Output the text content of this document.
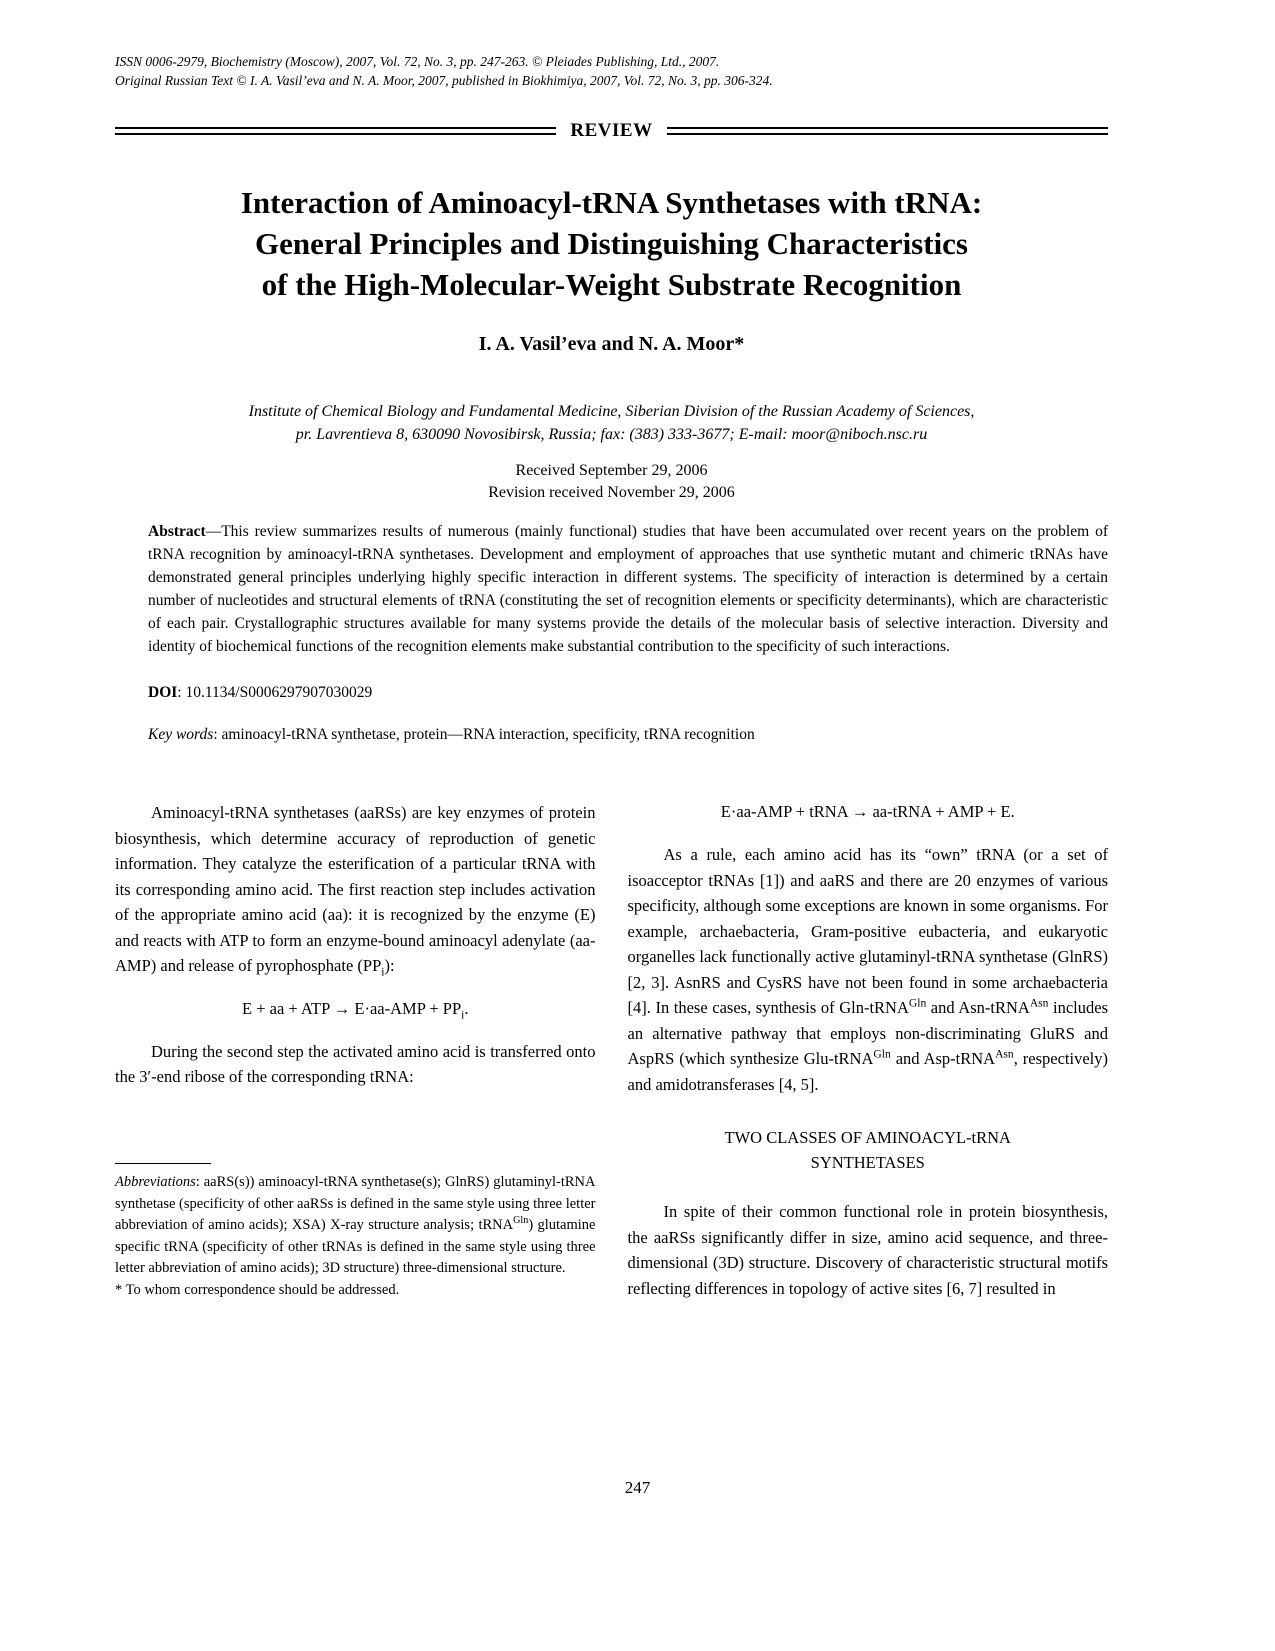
ISSN 0006-2979, Biochemistry (Moscow), 2007, Vol. 72, No. 3, pp. 247-263. © Pleiades Publishing, Ltd., 2007.
Original Russian Text © I. A. Vasil’eva and N. A. Moor, 2007, published in Biokhimiya, 2007, Vol. 72, No. 3, pp. 306-324.
REVIEW
Interaction of Aminoacyl-tRNA Synthetases with tRNA:
General Principles and Distinguishing Characteristics
of the High-Molecular-Weight Substrate Recognition
I. A. Vasil’eva and N. A. Moor*
Institute of Chemical Biology and Fundamental Medicine, Siberian Division of the Russian Academy of Sciences,
pr. Lavrentieva 8, 630090 Novosibirsk, Russia; fax: (383) 333-3677; E-mail: moor@niboch.nsc.ru
Received September 29, 2006
Revision received November 29, 2006

Abstract—This review summarizes results of numerous (mainly functional) studies that have been accumulated over recent years on the problem of tRNA recognition by aminoacyl-tRNA synthetases. Development and employment of approaches that use synthetic mutant and chimeric tRNAs have demonstrated general principles underlying highly specific interaction in different systems. The specificity of interaction is determined by a certain number of nucleotides and structural elements of tRNA (constituting the set of recognition elements or specificity determinants), which are characteristic of each pair. Crystallographic structures available for many systems provide the details of the molecular basis of selective interaction. Diversity and identity of biochemical functions of the recognition elements make substantial contribution to the specificity of such interactions.

DOI: 10.1134/S0006297907030029

Key words: aminoacyl-tRNA synthetase, protein—RNA interaction, specificity, tRNA recognition

Aminoacyl-tRNA synthetases (aaRSs) are key enzymes of protein biosynthesis, which determine accuracy of reproduction of genetic information. They catalyze the esterification of a particular tRNA with its corresponding amino acid. The first reaction step includes activation of the appropriate amino acid (aa): it is recognized by the enzyme (E) and reacts with ATP to form an enzyme-bound aminoacyl adenylate (aa-AMP) and release of pyrophosphate $(PP_i)$:

E + aa + ATP → $E\cdot aa-AMP + PP_i$.

During the second step the activated amino acid is transferred onto the 3′-end ribose of the corresponding tRNA:

Abbreviations: aaRS(s)) aminoacyl-tRNA synthetase(s); GlnRS) glutaminyl-tRNA synthetase (specificity of other aaRSs is defined in the same style using three letter abbreviation of amino acids); XSA) X-ray structure analysis; tRNA$^{Gln}$) glutamine specific tRNA (specificity of other tRNAs is defined in the same style using three letter abbreviation of amino acids); 3D structure) three-dimensional structure.

* To whom correspondence should be addressed.

E·aa-AMP + tRNA → aa-tRNA + AMP + E.

As a rule, each amino acid has its “own” tRNA (or a set of isoacceptor tRNAs [1]) and aaRS and there are 20 enzymes of various specificity, although some exceptions are known in some organisms. For example, archaebacteria, Gram-positive eubacteria, and eukaryotic organelles lack functionally active glutaminyl-tRNA synthetase (GlnRS) [2, 3]. AsnRS and CysRS have not been found in some archaebacteria [4]. In these cases, synthesis of Gln-tRNA$^{Gln}$ and Asn-tRNA$^{Asn}$ includes an alternative pathway that employs non-discriminating GluRS and AspRS (which synthesize Glu-tRNA$^{Gln}$ and Asp-tRNA$^{Asn}$, respectively) and amidotransferases [4, 5].

TWO CLASSES OF AMINOACYL-tRNA
SYNTHETASES

In spite of their common functional role in protein biosynthesis, the aaRSs significantly differ in size, amino acid sequence, and three-dimensional (3D) structure. Discovery of characteristic structural motifs reflecting differences in topology of active sites [6, 7] resulted in

247
